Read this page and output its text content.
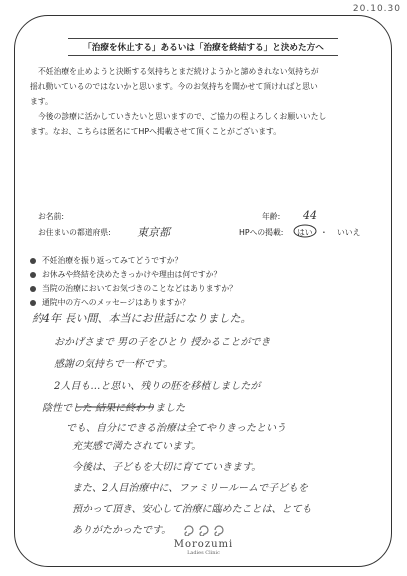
20.10.30
「治療を休止する」あるいは「治療を終結する」と決めた方へ
不妊治療を止めようと決断する気持ちとまだ続けようかと諦めきれない気持ちが
揺れ動いているのではないかと思います。今のお気持ちを聞かせて頂ければと思い
ます。
今後の診療に活かしていきたいと思いますので、ご協力の程よろしくお願いいたし
ます。なお、こちらは匿名にてHPへ掲載させて頂くことがございます。
お名前:	年齢: 44
お住まいの都道府県: 東京都	HPへの掲載: はい ・ いいえ
不妊治療を振り返ってみてどうですか？
お休みや終結を決めたきっかけや理由は何ですか？
当院の治療においてお気づきのことなどはありますか？
通院中の方へのメッセージはありますか？
約4年 長い間、本当にお世話になりました。
おかげさまで 男の子をひとり 授かることができ
感謝の気持ちで一杯です。
2人目も…と思い、残りの胚を移植しましたが
陰性でした 結果に終わりました
でも、自分にできる治療は全てやりきったという
充実感で満たされています。
今後は、子どもを大切に育てていきます。
また、2人目治療中に、ファミリールームで子どもを
預かって頂き、安心して治療に臨めたことは、とても
ありがたかったです。
Morozumi
Ladies Clinic
